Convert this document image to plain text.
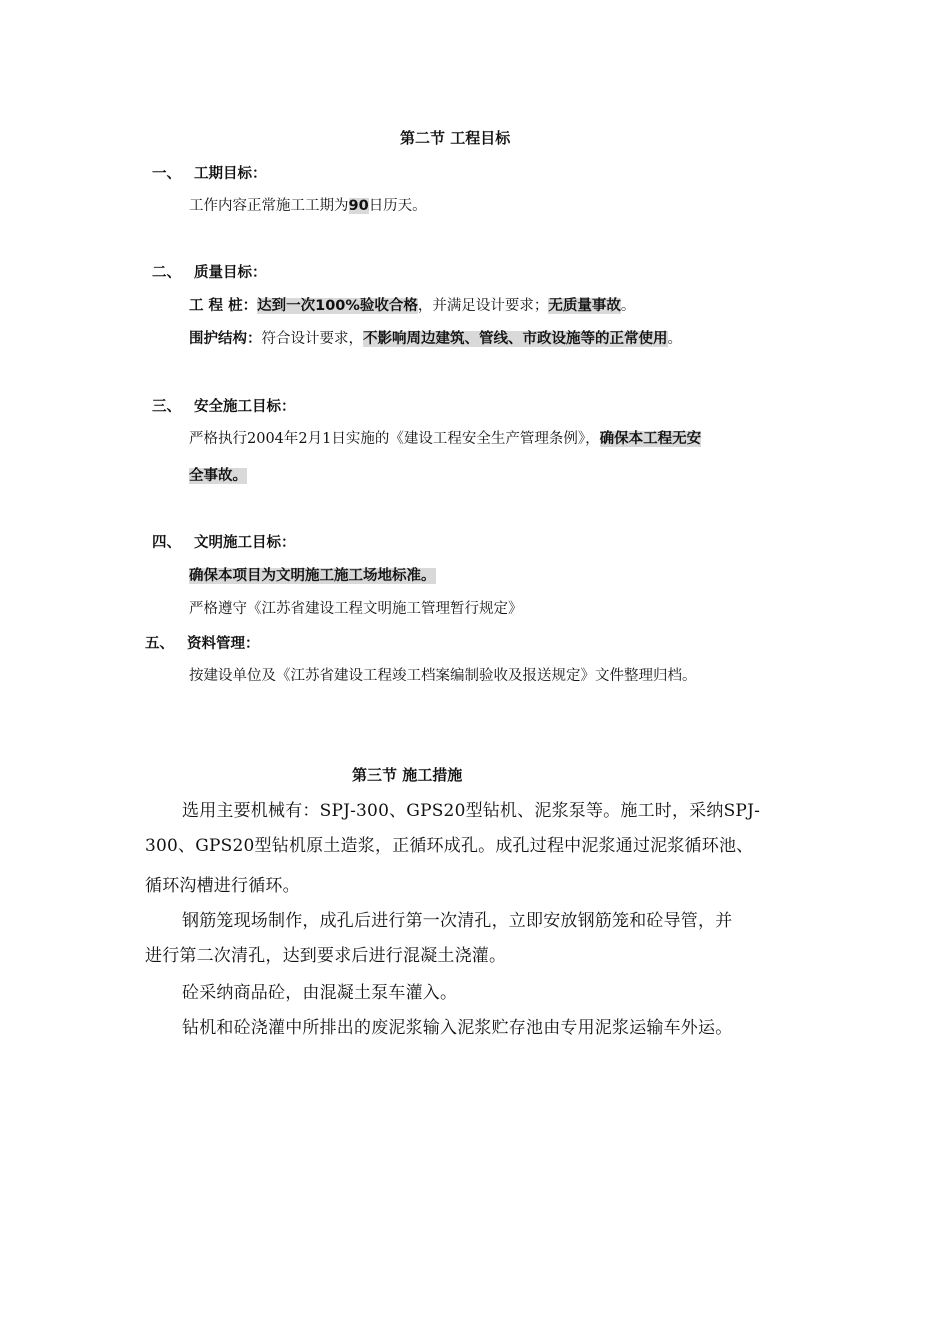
第二节 工程目标
一、 工期目标：
工作内容正常施工工期为90日历天。
二、 质量目标：
工 程 桩：达到一次100%验收合格，并满足设计要求；无质量事故。
围护结构：符合设计要求，不影响周边建筑、管线、市政设施等的正常使用。
三、 安全施工目标：
严格执行2004年2月1日实施的《建设工程安全生产管理条例》，确保本工程无安
全事故。
四、 文明施工目标：
确保本项目为文明施工施工场地标准。
严格遵守《江苏省建设工程文明施工管理暂行规定》
五、 资料管理：
按建设单位及《江苏省建设工程竣工档案编制验收及报送规定》文件整理归档。
第三节 施工措施
选用主要机械有：SPJ-300、GPS20型钻机、泥浆泵等。施工时，采纳SPJ-
300、GPS20型钻机原土造浆，正循环成孔。成孔过程中泥浆通过泥浆循环池、
循环沟槽进行循环。
钢筋笼现场制作，成孔后进行第一次清孔，立即安放钢筋笼和砼导管，并
进行第二次清孔，达到要求后进行混凝土浇灌。
砼采纳商品砼，由混凝土泵车灌入。
钻机和砼浇灌中所排出的废泥浆输入泥浆贮存池由专用泥浆运输车外运。
